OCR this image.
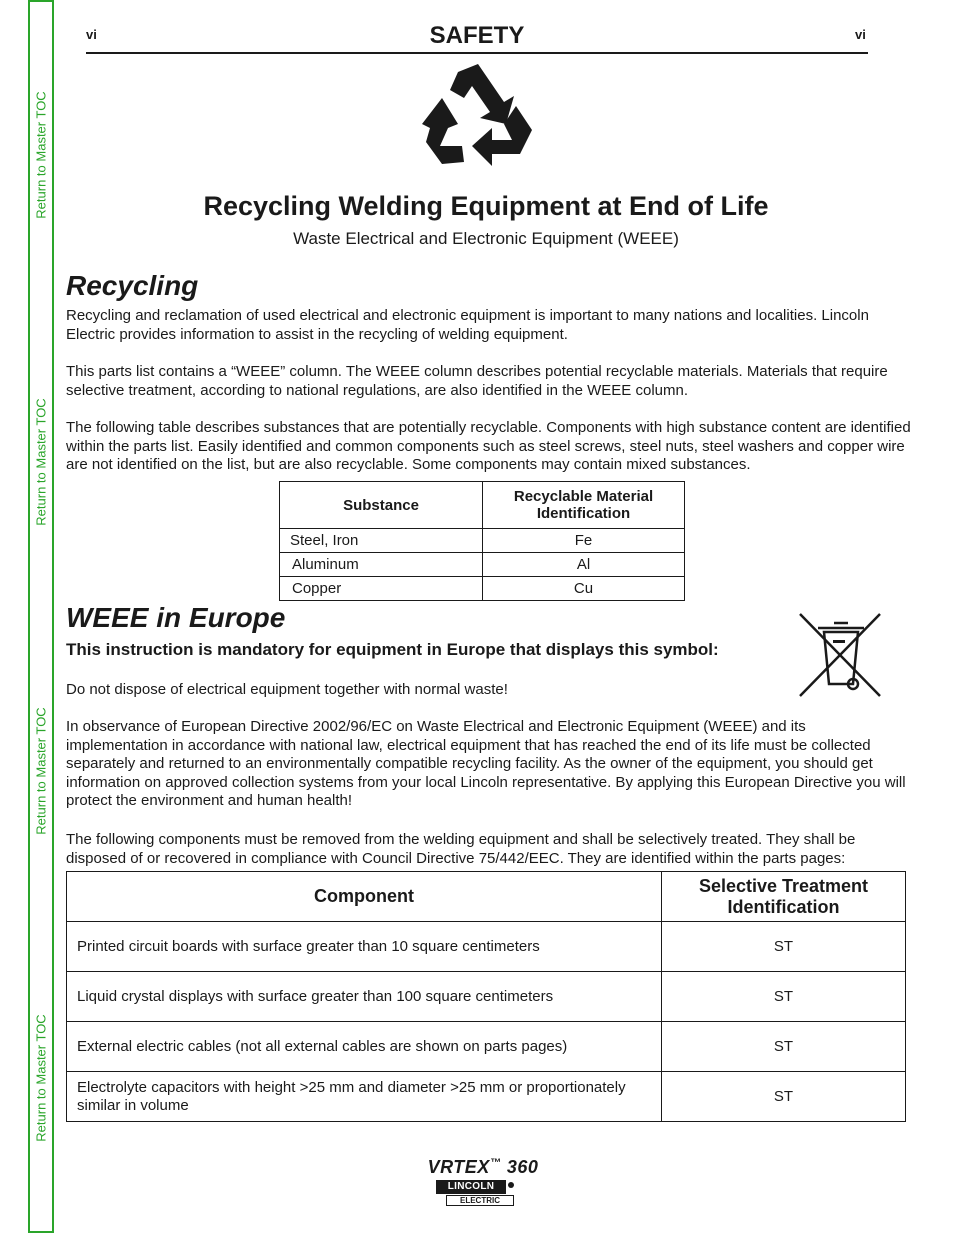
Return to Master TOC
Return to Master TOC
Return to Master TOC
Return to Master TOC
vi	vi
SAFETY
Recycling Welding Equipment at End of Life
Waste Electrical and Electronic Equipment (WEEE)
Recycling
Recycling and reclamation of used electrical and electronic equipment is important to many nations and localities. Lincoln Electric provides information to assist in the recycling of welding equipment.
This parts list contains a “WEEE” column. The WEEE column describes potential recyclable materials. Materials that require selective treatment, according to national regulations, are also identified in the WEEE column.
The following table describes substances that are potentially recyclable. Components with high substance content are identified within the parts list. Easily identified and common components such as steel screws, steel nuts, steel washers and copper wire are not identified on the list, but are also recyclable. Some components may contain mixed substances.
Substance	Recyclable Material Identification
Steel, Iron	Fe
Aluminum	Al
Copper	Cu
WEEE in Europe
This instruction is mandatory for equipment in Europe that displays this symbol:
Do not dispose of electrical equipment together with normal waste!
In observance of European Directive 2002/96/EC on Waste Electrical and Electronic Equipment (WEEE) and its implementation in accordance with national law, electrical equipment that has reached the end of its life must be collected separately and returned to an environmentally compatible recycling facility. As the owner of the equipment, you should get information on approved collection systems from your local Lincoln representative. By applying this European Directive you will protect the environment and human health!
The following components must be removed from the welding equipment and shall be selectively treated. They shall be disposed of or recovered in compliance with Council Directive 75/442/EEC. They are identified within the parts pages:
Component	Selective Treatment Identification
Printed circuit boards with surface greater than 10 square centimeters	ST
Liquid crystal displays with surface greater than 100 square centimeters	ST
External electric cables (not all external cables are shown on parts pages)	ST
Electrolyte capacitors with height >25 mm and diameter >25 mm or proportionately similar in volume	ST
VRTEX™ 360
LINCOLN
ELECTRIC
